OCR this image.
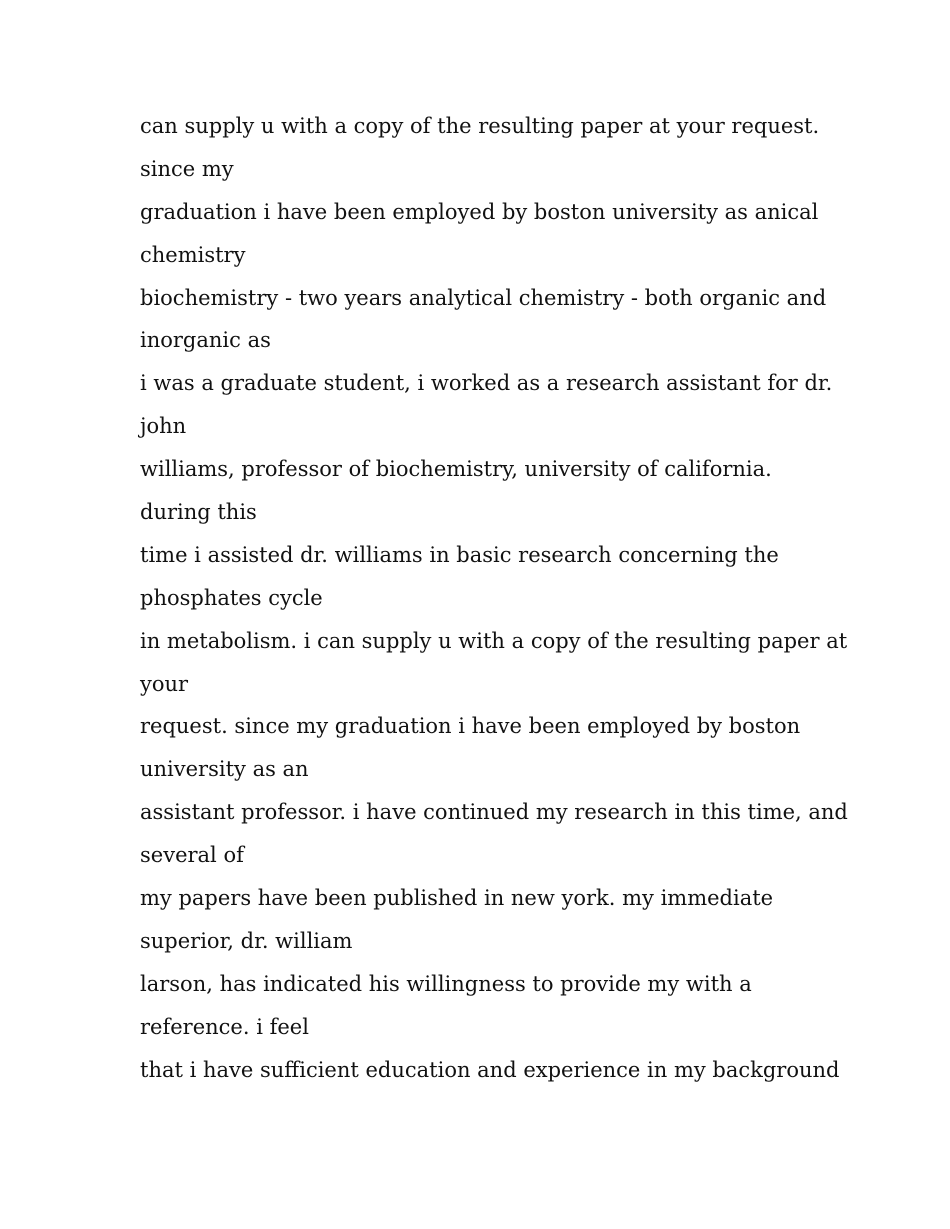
can supply u with a copy of the resulting paper at your request.
since my
graduation i have been employed by boston university as anical
chemistry
biochemistry - two years analytical chemistry - both organic and
inorganic as
i was a graduate student, i worked as a research assistant for dr.
john
williams, professor of biochemistry, university of california.
during this
time i assisted dr. williams in basic research concerning the
phosphates cycle
in metabolism. i can supply u with a copy of the resulting paper at
your
request. since my graduation i have been employed by boston
university as an
assistant professor. i have continued my research in this time, and
several of
my papers have been published in new york. my immediate
superior, dr. william
larson, has indicated his willingness to provide my with a
reference. i feel
that i have sufficient education and experience in my background
